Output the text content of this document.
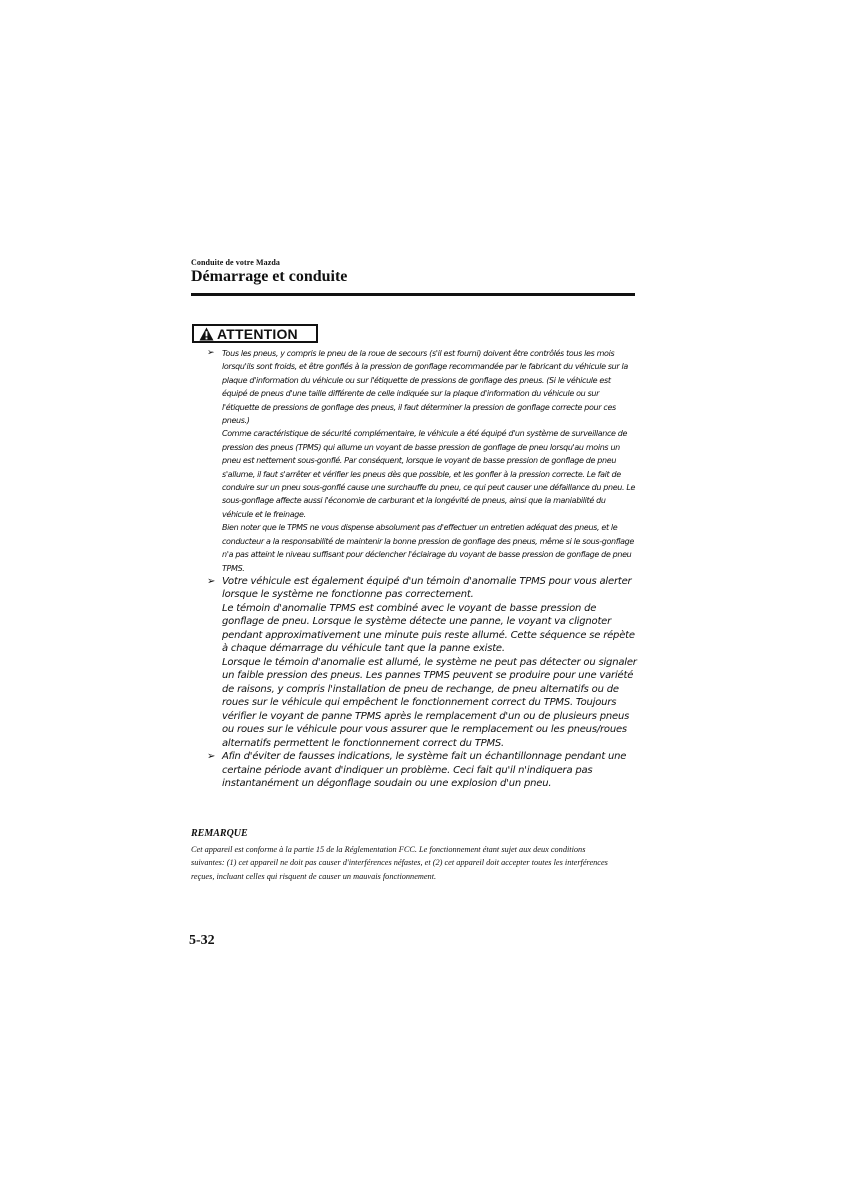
Conduite de votre Mazda
Démarrage et conduite
ATTENTION
➢ Tous les pneus, y compris le pneu de la roue de secours (s'il est fourni) doivent être contrôlés tous les mois lorsqu'ils sont froids, et être gonflés à la pression de gonflage recommandée par le fabricant du véhicule sur la plaque d'information du véhicule ou sur l'étiquette de pressions de gonflage des pneus. (Si le véhicule est équipé de pneus d'une taille différente de celle indiquée sur la plaque d'information du véhicule ou sur l'étiquette de pressions de gonflage des pneus, il faut déterminer la pression de gonflage correcte pour ces pneus.)
Comme caractéristique de sécurité complémentaire, le véhicule a été équipé d'un système de surveillance de pression des pneus (TPMS) qui allume un voyant de basse pression de gonflage de pneu lorsqu'au moins un pneu est nettement sous-gonflé. Par conséquent, lorsque le voyant de basse pression de gonflage de pneu s'allume, il faut s'arrêter et vérifier les pneus dès que possible, et les gonfler à la pression correcte. Le fait de conduire sur un pneu sous-gonflé cause une surchauffe du pneu, ce qui peut causer une défaillance du pneu. Le sous-gonflage affecte aussi l'économie de carburant et la longévité de pneus, ainsi que la maniabilité du véhicule et le freinage.
Bien noter que le TPMS ne vous dispense absolument pas d'effectuer un entretien adéquat des pneus, et le conducteur a la responsabilité de maintenir la bonne pression de gonflage des pneus, même si le sous-gonflage n'a pas atteint le niveau suffisant pour déclencher l'éclairage du voyant de basse pression de gonflage de pneu TPMS.
➢ Votre véhicule est également équipé d'un témoin d'anomalie TPMS pour vous alerter lorsque le système ne fonctionne pas correctement.
Le témoin d'anomalie TPMS est combiné avec le voyant de basse pression de gonflage de pneu. Lorsque le système détecte une panne, le voyant va clignoter pendant approximativement une minute puis reste allumé. Cette séquence se répète à chaque démarrage du véhicule tant que la panne existe.
Lorsque le témoin d'anomalie est allumé, le système ne peut pas détecter ou signaler un faible pression des pneus. Les pannes TPMS peuvent se produire pour une variété de raisons, y compris l'installation de pneu de rechange, de pneu alternatifs ou de roues sur le véhicule qui empêchent le fonctionnement correct du TPMS. Toujours vérifier le voyant de panne TPMS après le remplacement d'un ou de plusieurs pneus ou roues sur le véhicule pour vous assurer que le remplacement ou les pneus/roues alternatifs permettent le fonctionnement correct du TPMS.
➢ Afin d'éviter de fausses indications, le système fait un échantillonnage pendant une certaine période avant d'indiquer un problème. Ceci fait qu'il n'indiquera pas instantanément un dégonflage soudain ou une explosion d'un pneu.
REMARQUE
Cet appareil est conforme à la partie 15 de la Réglementation FCC. Le fonctionnement étant sujet aux deux conditions suivantes: (1) cet appareil ne doit pas causer d'interférences néfastes, et (2) cet appareil doit accepter toutes les interférences reçues, incluant celles qui risquent de causer un mauvais fonctionnement.
5-32
